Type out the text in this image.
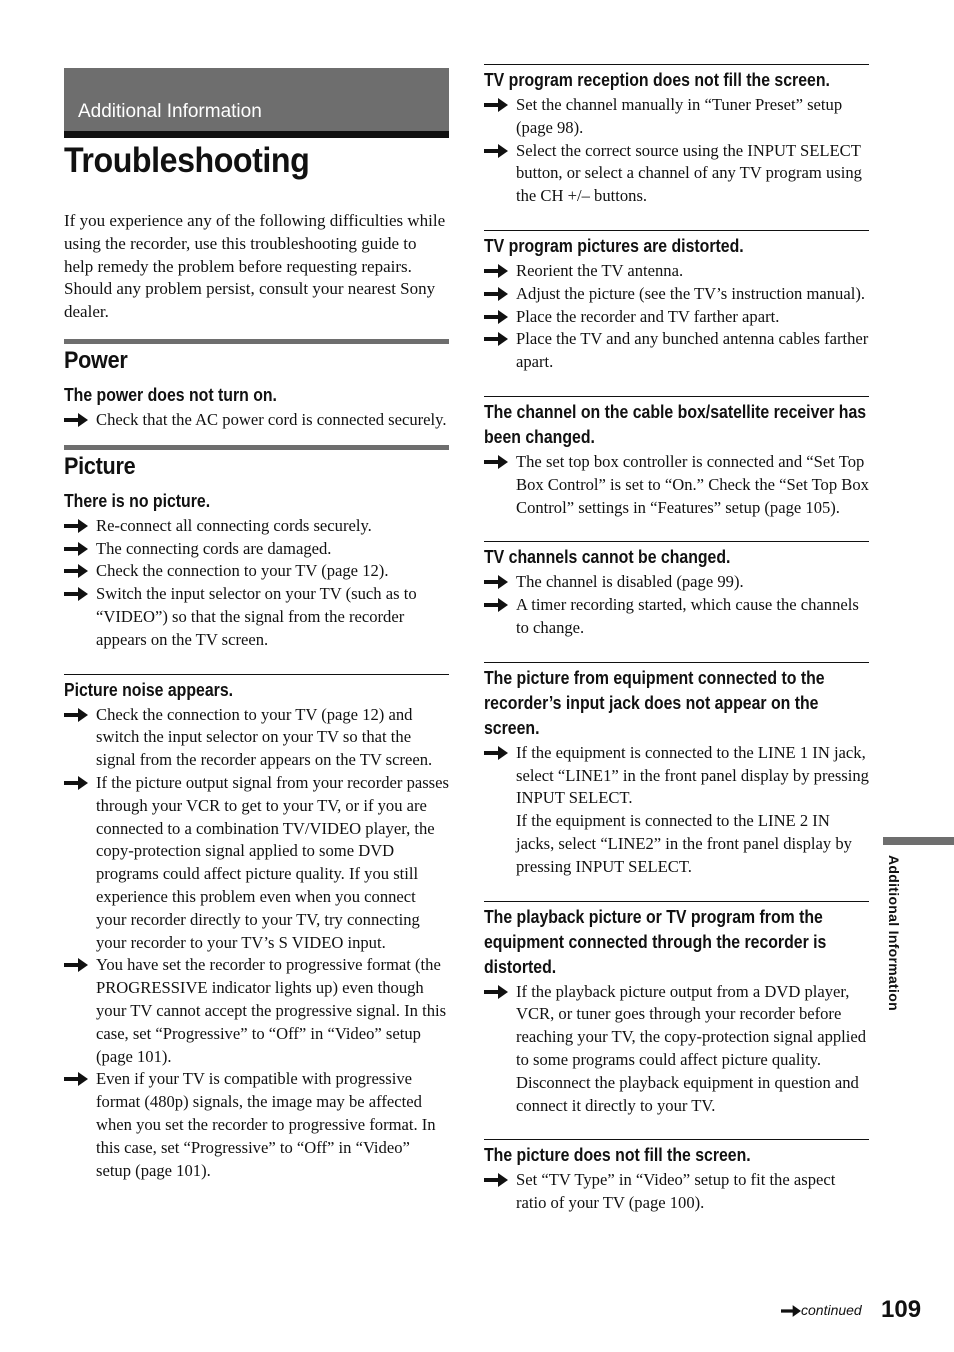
Additional Information
Troubleshooting

If you experience any of the following difficulties while using the recorder, use this troubleshooting guide to help remedy the problem before requesting repairs. Should any problem persist, consult your nearest Sony dealer.

Power
The power does not turn on.
Check that the AC power cord is connected securely.
Picture
There is no picture.
Re-connect all connecting cords securely.
The connecting cords are damaged.
Check the connection to your TV (page 12).
Switch the input selector on your TV (such as to “VIDEO”) so that the signal from the recorder appears on the TV screen.
Picture noise appears.
Check the connection to your TV (page 12) and switch the input selector on your TV so that the signal from the recorder appears on the TV screen.
If the picture output signal from your recorder passes through your VCR to get to your TV, or if you are connected to a combination TV/VIDEO player, the copy-protection signal applied to some DVD programs could affect picture quality. If you still experience this problem even when you connect your recorder directly to your TV, try connecting your recorder to your TV’s S VIDEO input.
You have set the recorder to progressive format (the PROGRESSIVE indicator lights up) even though your TV cannot accept the progressive signal. In this case, set “Progressive” to “Off” in “Video” setup (page 101).
Even if your TV is compatible with progressive format (480p) signals, the image may be affected when you set the recorder to progressive format. In this case, set “Progressive” to “Off” in “Video” setup (page 101).
TV program reception does not fill the screen.
Set the channel manually in “Tuner Preset” setup (page 98).
Select the correct source using the INPUT SELECT button, or select a channel of any TV program using the CH +/– buttons.
TV program pictures are distorted.
Reorient the TV antenna.
Adjust the picture (see the TV’s instruction manual).
Place the recorder and TV farther apart.
Place the TV and any bunched antenna cables farther apart.
The channel on the cable box/satellite receiver has been changed.
The set top box controller is connected and “Set Top Box Control” is set to “On.” Check the “Set Top Box Control” settings in “Features” setup (page 105).
TV channels cannot be changed.
The channel is disabled (page 99).
A timer recording started, which cause the channels to change.
The picture from equipment connected to the recorder’s input jack does not appear on the screen.
If the equipment is connected to the LINE 1 IN jack, select “LINE1” in the front panel display by pressing INPUT SELECT.
If the equipment is connected to the LINE 2 IN jacks, select “LINE2” in the front panel display by pressing INPUT SELECT.
The playback picture or TV program from the equipment connected through the recorder is distorted.
If the playback picture output from a DVD player, VCR, or tuner goes through your recorder before reaching your TV, the copy-protection signal applied to some programs could affect picture quality. Disconnect the playback equipment in question and connect it directly to your TV.
The picture does not fill the screen.
Set “TV Type” in “Video” setup to fit the aspect ratio of your TV (page 100).
Additional Information
continued 109
